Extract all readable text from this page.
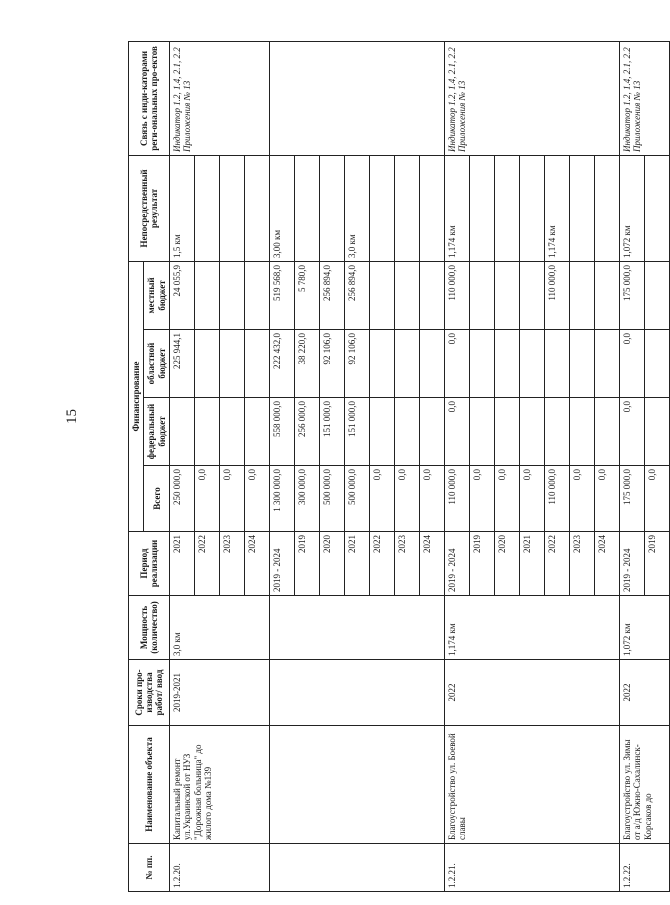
15
№ пп.	Наименование объекта	Сроки про-изводства работ/ ввод	Мощность (количество)	Период реализации	Финансирование				Непосредственный результат	Связь с инди-каторами реги-ональных про-ектов
					Всего	федеральный бюджет	областной бюджет	местный бюджет		
1.2.20.	Капитальный ремонт ул.Украинской от НУЗ "Дорожная больница" до жилого дома №139	2019-2021	3,0 км	2021	250 000,0		225 944,1	24 055,9	1,5 км	Индикатор 1.2, 1.4, 2.1, 2.2 Приложения № 13
				2022	0,0					
				2023	0,0					
				2024	0,0					
				2019 - 2024	1 300 000,0	558 000,0	222 432,0	519 568,0	3,00 км	
				2019	300 000,0	256 000,0	38 220,0	5 780,0		
				2020	500 000,0	151 000,0	92 106,0	256 894,0		
				2021	500 000,0	151 000,0	92 106,0	256 894,0	3,0 км	
				2022	0,0					
				2023	0,0					
				2024	0,0					
1.2.21.	Благоустройство ул. Боевой славы	2022	1,174 км	2019 - 2024	110 000,0	0,0	0,0	110 000,0	1,174 км	Индикатор 1.2, 1.4, 2.1, 2.2 Приложения № 13
				2019	0,0					
				2020	0,0					
				2021	0,0					
				2022	110 000,0			110 000,0	1,174 км	
				2023	0,0					
				2024	0,0					
1.2.22.	Благоустройство ул. Зимы от а/д Южно-Сахалинск-Корсаков до	2022	1,072 км	2019 - 2024	175 000,0	0,0	0,0	175 000,0	1,072 км	Индикатор 1.2, 1.4, 2.1, 2.2 Приложения № 13
				2019	0,0					
